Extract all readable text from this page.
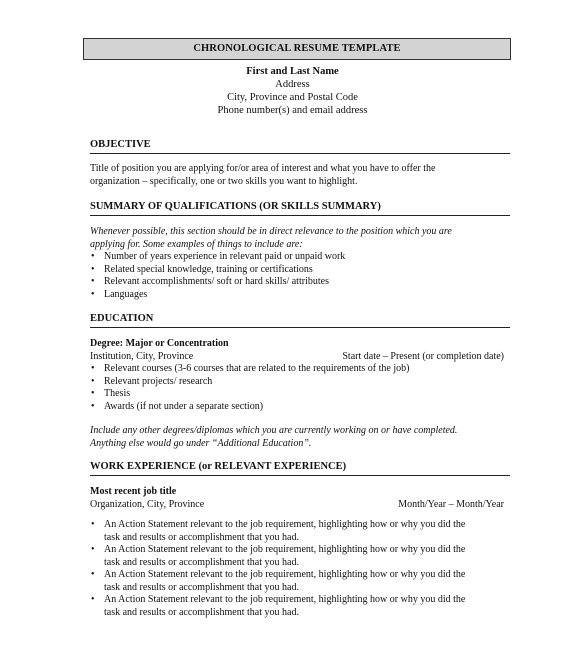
CHRONOLOGICAL RESUME TEMPLATE
First and Last Name
Address
City, Province and Postal Code
Phone number(s) and email address
OBJECTIVE
Title of position you are applying for/or area of interest and what you have to offer the
organization – specifically, one or two skills you want to highlight.
SUMMARY OF QUALIFICATIONS (OR SKILLS SUMMARY)
Whenever possible, this section should be in direct relevance to the position which you are
applying for. Some examples of things to include are:
• Number of years experience in relevant paid or unpaid work
• Related special knowledge, training or certifications
• Relevant accomplishments/ soft or hard skills/ attributes
• Languages
EDUCATION
Degree: Major or Concentration
Institution, City, Province	Start date – Present (or completion date)
• Relevant courses (3-6 courses that are related to the requirements of the job)
• Relevant projects/ research
• Thesis
• Awards (if not under a separate section)
Include any other degrees/diplomas which you are currently working on or have completed.
Anything else would go under “Additional Education”.
WORK EXPERIENCE (or RELEVANT EXPERIENCE)
Most recent job title
Organization, City, Province	Month/Year – Month/Year
• An Action Statement relevant to the job requirement, highlighting how or why you did the
task and results or accomplishment that you had.
• An Action Statement relevant to the job requirement, highlighting how or why you did the
task and results or accomplishment that you had.
• An Action Statement relevant to the job requirement, highlighting how or why you did the
task and results or accomplishment that you had.
• An Action Statement relevant to the job requirement, highlighting how or why you did the
task and results or accomplishment that you had.
